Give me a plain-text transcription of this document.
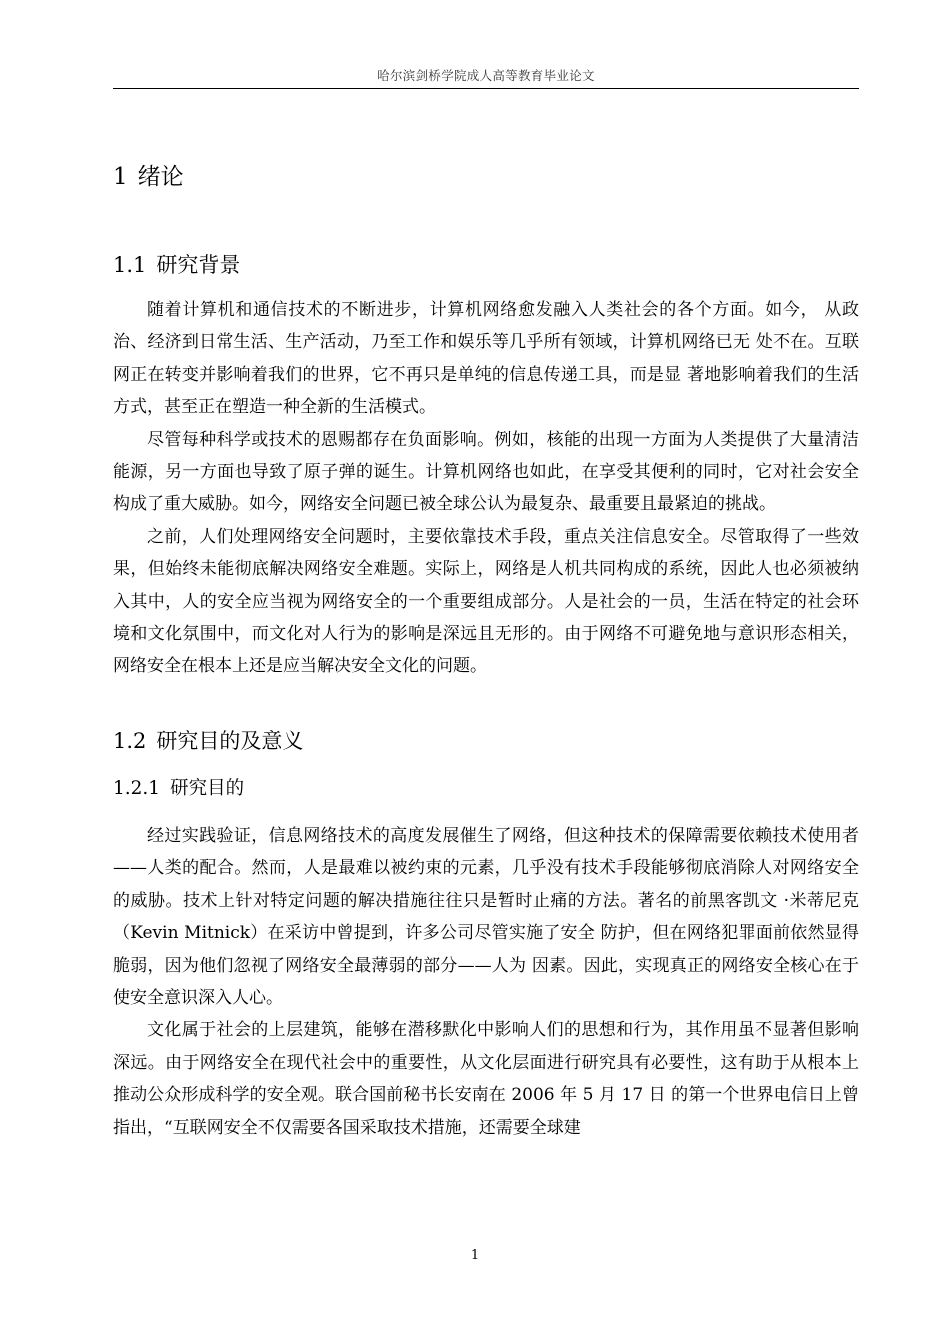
哈尔滨剑桥学院成人高等教育毕业论文
1 绪论
1.1 研究背景

随着计算机和通信技术的不断进步，计算机网络愈发融入人类社会的各个方面。如今， 从政治、经济到日常生活、生产活动，乃至工作和娱乐等几乎所有领域，计算机网络已无 处不在。互联网正在转变并影响着我们的世界，它不再只是单纯的信息传递工具，而是显 著地影响着我们的生活方式，甚至正在塑造一种全新的生活模式。

尽管每种科学或技术的恩赐都存在负面影响。例如，核能的出现一方面为人类提供了大量清洁能源，另一方面也导致了原子弹的诞生。计算机网络也如此，在享受其便利的同时，它对社会安全构成了重大威胁。如今，网络安全问题已被全球公认为最复杂、最重要且最紧迫的挑战。

之前，人们处理网络安全问题时，主要依靠技术手段，重点关注信息安全。尽管取得了一些效果，但始终未能彻底解决网络安全难题。实际上，网络是人机共同构成的系统，因此人也必须被纳入其中，人的安全应当视为网络安全的一个重要组成部分。人是社会的一员，生活在特定的社会环境和文化氛围中，而文化对人行为的影响是深远且无形的。由于网络不可避免地与意识形态相关，网络安全在根本上还是应当解决安全文化的问题。

1.2 研究目的及意义
1.2.1 研究目的

经过实践验证，信息网络技术的高度发展催生了网络，但这种技术的保障需要依赖技术使用者——人类的配合。然而，人是最难以被约束的元素，几乎没有技术手段能够彻底消除人对网络安全的威胁。技术上针对特定问题的解决措施往往只是暂时止痛的方法。著名的前黑客凯文 ·米蒂尼克（Kevin Mitnick）在采访中曾提到，许多公司尽管实施了安全 防护，但在网络犯罪面前依然显得脆弱，因为他们忽视了网络安全最薄弱的部分——人为 因素。因此，实现真正的网络安全核心在于使安全意识深入人心。

文化属于社会的上层建筑，能够在潜移默化中影响人们的思想和行为，其作用虽不显著但影响深远。由于网络安全在现代社会中的重要性，从文化层面进行研究具有必要性，这有助于从根本上推动公众形成科学的安全观。联合国前秘书长安南在 2006 年 5 月 17 日 的第一个世界电信日上曾指出，“互联网安全不仅需要各国采取技术措施，还需要全球建

1
